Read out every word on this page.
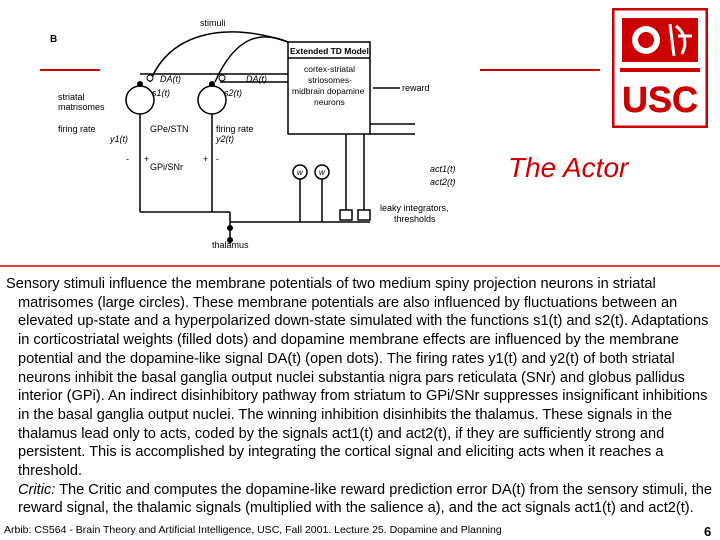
USC
B
stimuli
striatal
matrisomes
firing rate	firing rate
DA(t)	DA(t)
s1(t)	s2(t)
y1(t)	y2(t)
GPe/STN
GPi/SNr
Extended TD Model
cortex-striatal
striosomes-
midbrain dopamine
neurons
reward
act1(t)
act2(t)
leaky integrators,
thresholds
thalamus
w w
- +	+ -	The Actor

Sensory stimuli influence the membrane potentials of two medium spiny projection neurons in striatal matrisomes (large circles). These membrane potentials are also influenced by fluctuations between an elevated up-state and a hyperpolarized down-state simulated with the functions s1(t) and s2(t). Adaptations in corticostriatal weights (filled dots) and dopamine membrane effects are influenced by the membrane potential and the dopamine-like signal DA(t) (open dots). The firing rates y1(t) and y2(t) of both striatal neurons inhibit the basal ganglia output nuclei substantia nigra pars reticulata (SNr) and globus pallidus interior (GPi). An indirect disinhibitory pathway from striatum to GPi/SNr suppresses insignificant inhibitions in the basal ganglia output nuclei. The winning inhibition disinhibits the thalamus. These signals in the thalamus lead only to acts, coded by the signals act1(t) and act2(t), if they are sufficiently strong and persistent. This is accomplished by integrating the cortical signal and eliciting acts when it reaches a threshold.

Critic: The Critic and computes the dopamine-like reward prediction error DA(t) from the sensory stimuli, the reward signal, the thalamic signals (multiplied with the salience a), and the act signals act1(t) and act2(t).

Arbib: CS564 - Brain Theory and Artificial Intelligence, USC, Fall 2001. Lecture 25. Dopamine and Planning	6
